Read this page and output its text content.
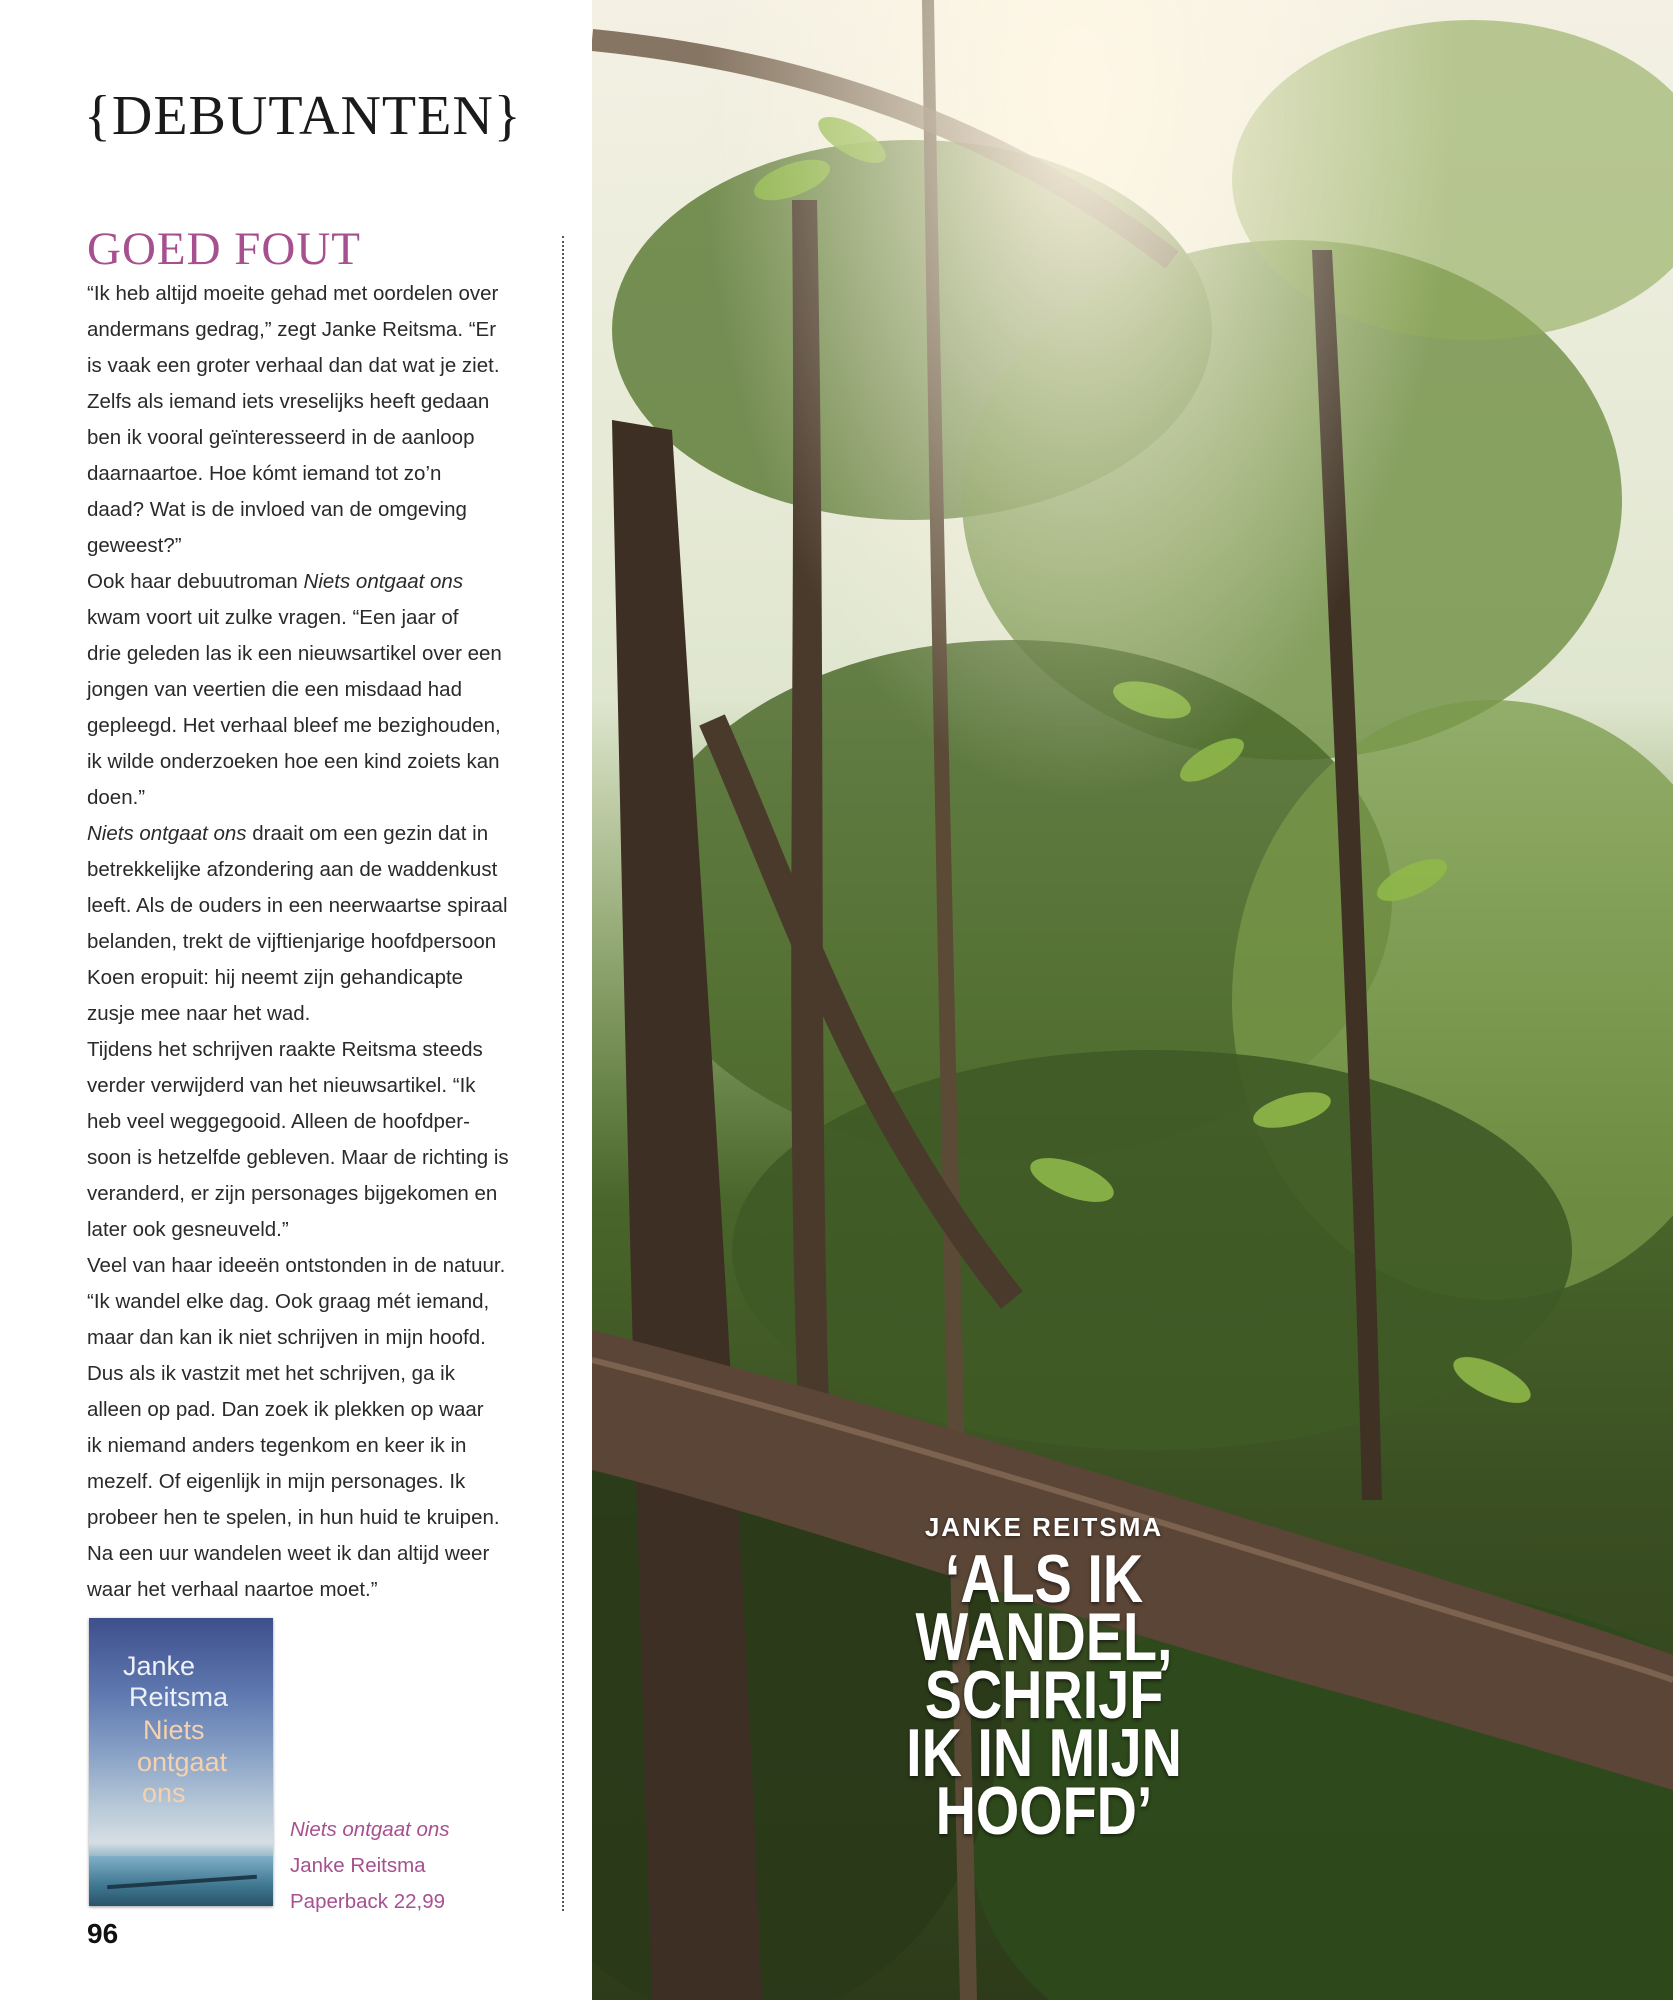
{DEBUTANTEN}
GOED FOUT

“Ik heb altijd moeite gehad met oordelen over
andermans gedrag,” zegt Janke Reitsma. “Er
is vaak een groter verhaal dan dat wat je ziet.
Zelfs als iemand iets vreselijks heeft gedaan
ben ik vooral geïnteresseerd in de aanloop
daarnaartoe. Hoe kómt iemand tot zo’n
daad? Wat is de invloed van de omgeving
geweest?”

Ook haar debuutroman Niets ontgaat ons
kwam voort uit zulke vragen. “Een jaar of
drie geleden las ik een nieuwsartikel over een
jongen van veertien die een misdaad had
gepleegd. Het verhaal bleef me bezighouden,
ik wilde onderzoeken hoe een kind zoiets kan
doen.”

Niets ontgaat ons draait om een gezin dat in
betrekkelijke afzondering aan de waddenkust
leeft. Als de ouders in een neerwaartse spiraal
belanden, trekt de vijftienjarige hoofdpersoon
Koen eropuit: hij neemt zijn gehandicapte
zusje mee naar het wad.

Tijdens het schrijven raakte Reitsma steeds
verder verwijderd van het nieuwsartikel. “Ik
heb veel weggegooid. Alleen de hoofdper-
soon is hetzelfde gebleven. Maar de richting is
veranderd, er zijn personages bijgekomen en
later ook gesneuveld.”

Veel van haar ideeën ontstonden in de natuur.
“Ik wandel elke dag. Ook graag mét iemand,
maar dan kan ik niet schrijven in mijn hoofd.
Dus als ik vastzit met het schrijven, ga ik
alleen op pad. Dan zoek ik plekken op waar
ik niemand anders tegenkom en keer ik in
mezelf. Of eigenlijk in mijn personages. Ik
probeer hen te spelen, in hun huid te kruipen.
Na een uur wandelen weet ik dan altijd weer
waar het verhaal naartoe moet.”

Janke
Reitsma
Niets
ontgaat
ons
Niets ontgaat ons
Janke Reitsma
Paperback 22,99
96
JANKE REITSMA
‘ALS IK
WANDEL,
SCHRIJF
IK IN MIJN
HOOFD’
